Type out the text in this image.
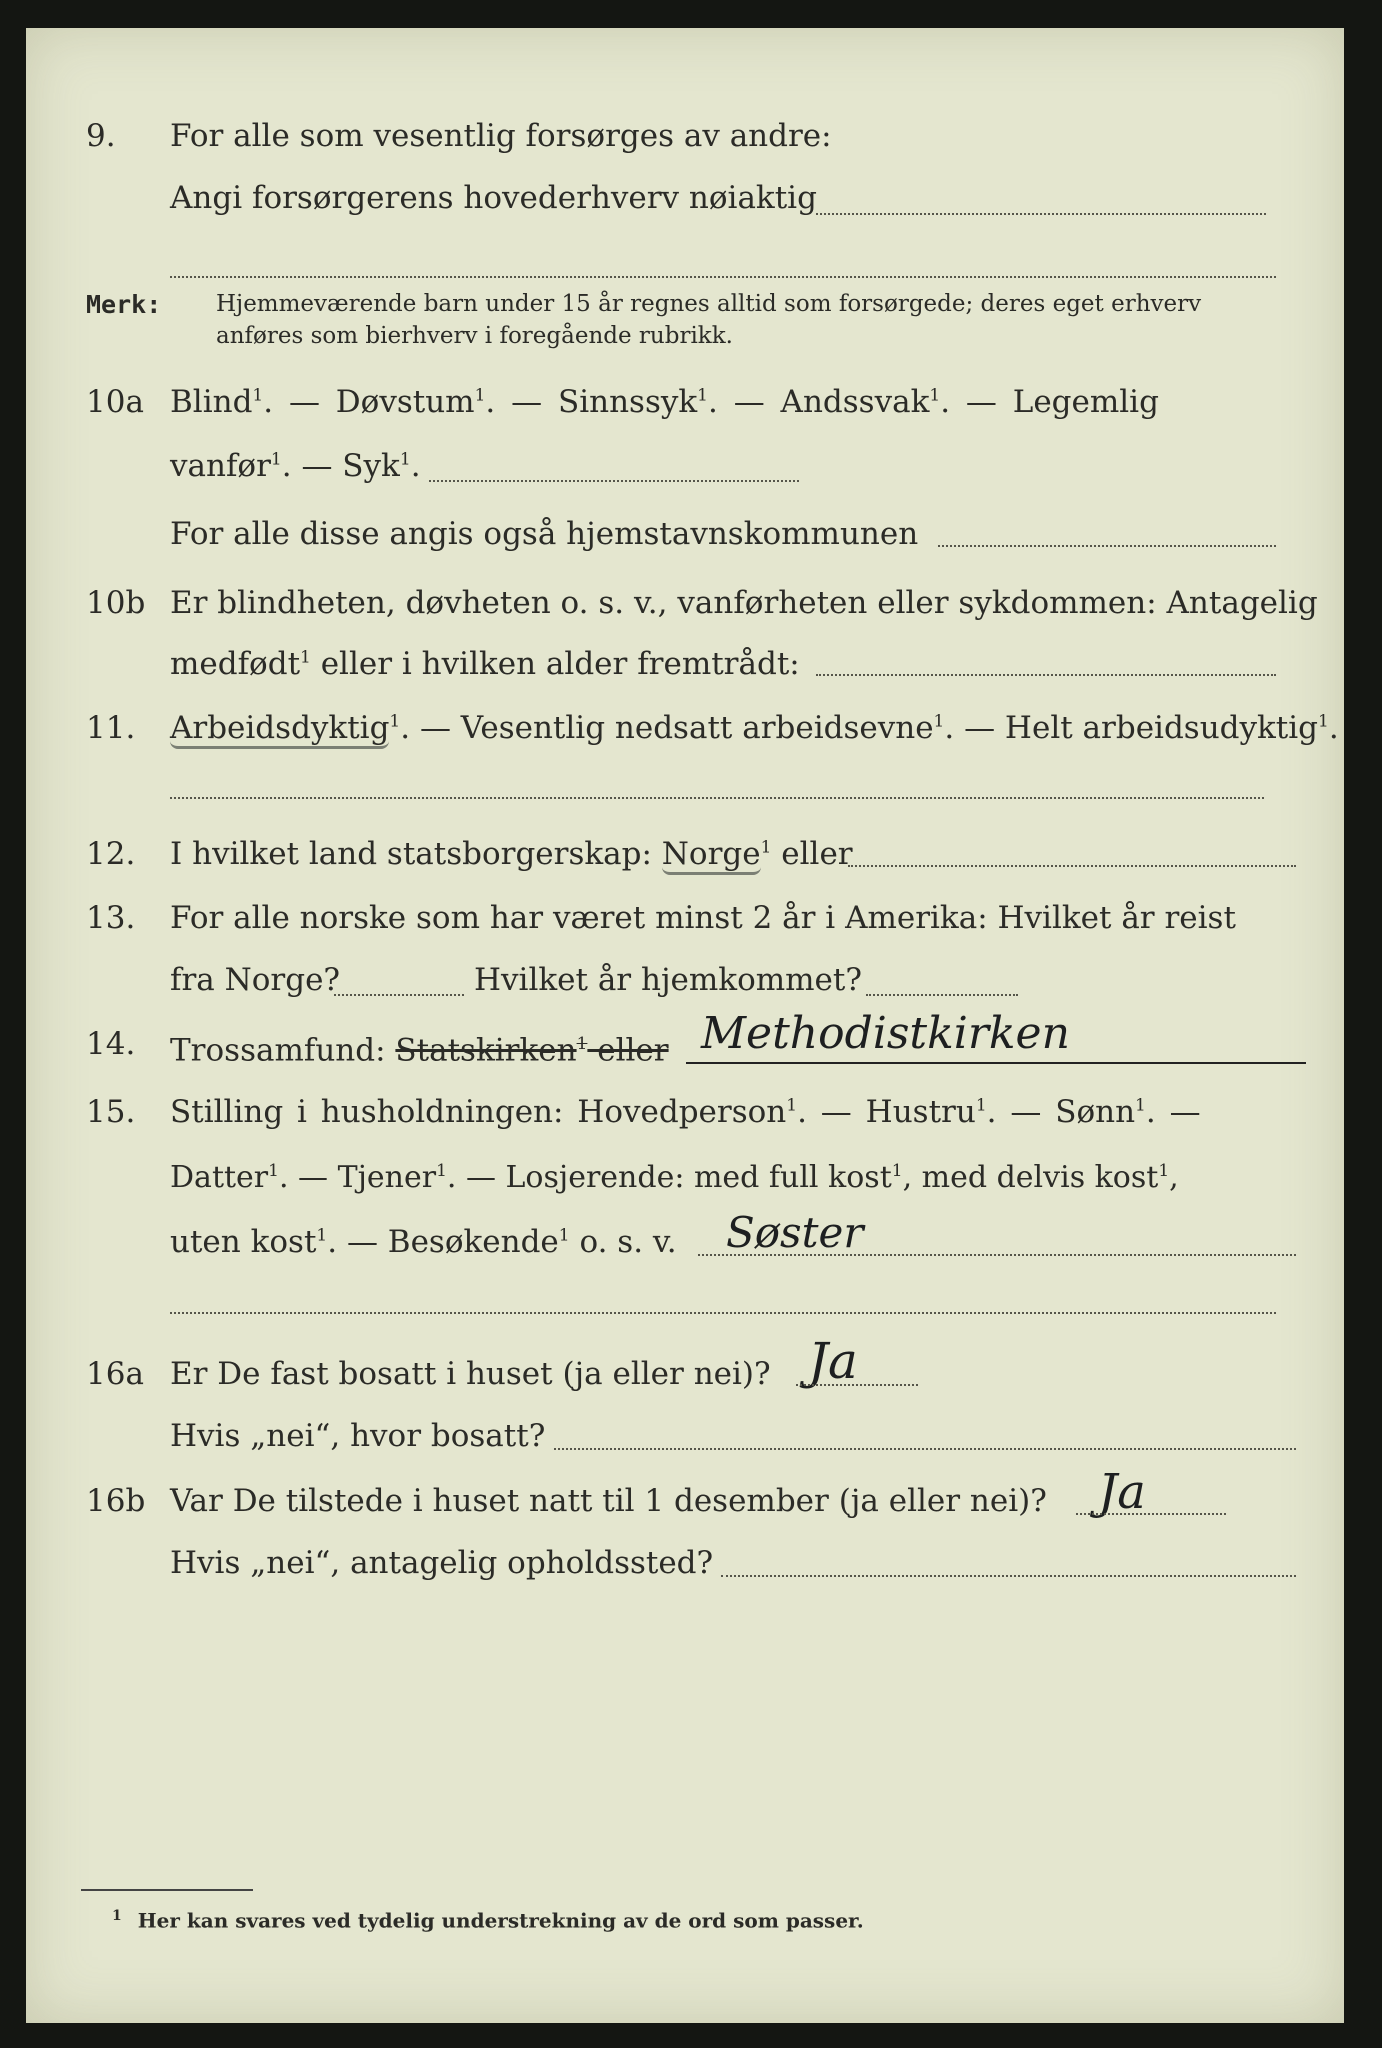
9. For alle som vesentlig forsørges av andre:
Angi forsørgerens hovederhverv nøiaktig
Merk: Hjemmeværende barn under 15 år regnes alltid som forsørgede; deres eget erhverv anføres som bierhverv i foregående rubrikk.
10a Blind$^1$. — Døvstum$^1$. — Sinnssyk$^1$. — Andssvak$^1$. — Legemlig
vanfør$^1$. — Syk$^1$.
For alle disse angis også hjemstavnskommunen
10b Er blindheten, døvheten o. s. v., vanførheten eller sykdommen: Antagelig
medfødt$^1$ eller i hvilken alder fremtrådt:
11. Arbeidsdyktig$^1$. — Vesentlig nedsatt arbeidsevne$^1$. — Helt arbeidsudyktig$^1$.
12. I hvilket land statsborgerskap: Norge$^1$ eller
13. For alle norske som har været minst 2 år i Amerika: Hvilket år reist
fra Norge?	Hvilket år hjemkommet?
14. Trossamfund: Statskirken$^1$ eller Methodistkirken
15. Stilling i husholdningen: Hovedperson$^1$. — Hustru$^1$. — Sønn$^1$. —
Datter$^1$. — Tjener$^1$. — Losjerende: med full kost$^1$, med delvis kost$^1$,
uten kost$^1$. — Besøkende$^1$ o. s. v. Søster
16a Er De fast bosatt i huset (ja eller nei)? Ja
Hvis „nei“, hvor bosatt?
16b Var De tilstede i huset natt til 1 desember (ja eller nei)? Ja
Hvis „nei“, antagelig opholdssted?
$^1$ Her kan svares ved tydelig understrekning av de ord som passer.
